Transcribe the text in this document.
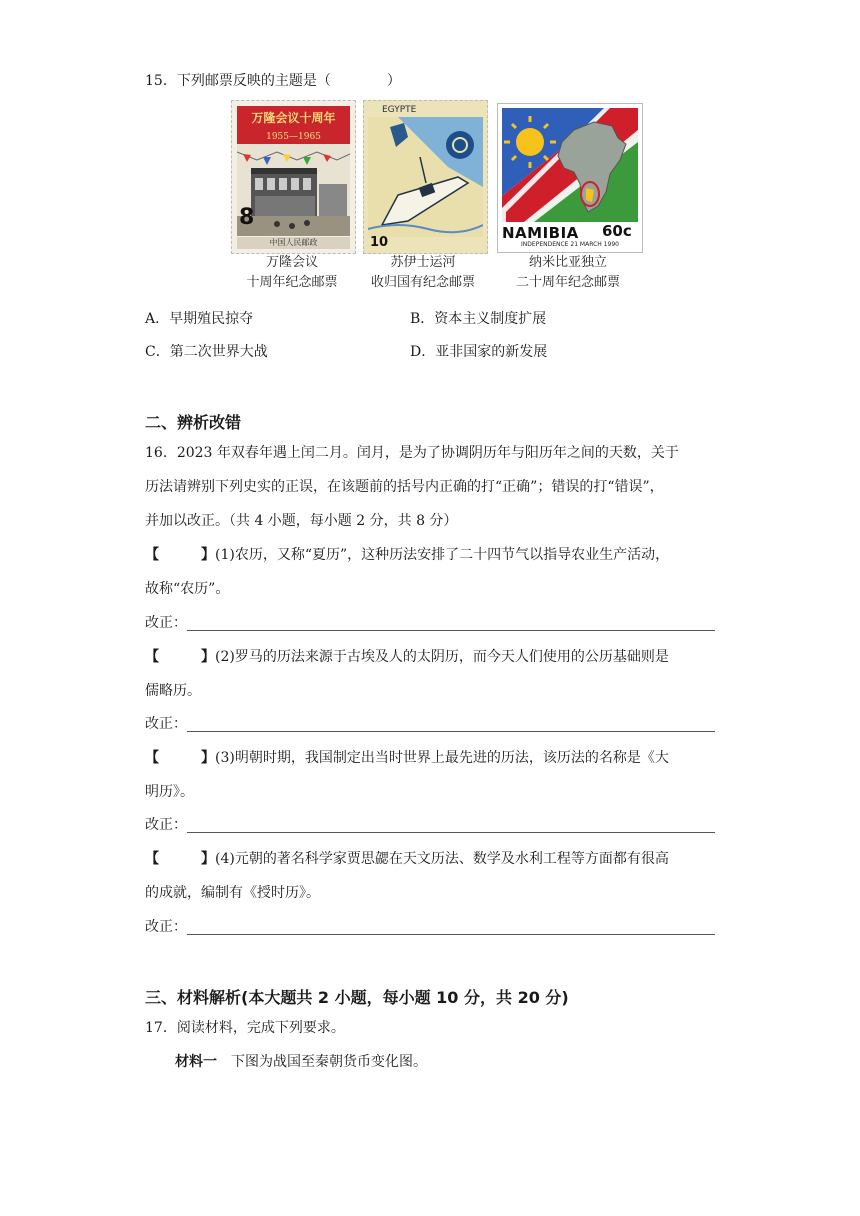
15．下列邮票反映的主题是（　　　　）
万隆会议十周年
1955—1965
8
中国人民邮政
EGYPTE
10
NAMIBIA 60c
INDEPENDENCE 21 MARCH 1990
万隆会议
十周年纪念邮票
苏伊士运河
收归国有纪念邮票
纳米比亚独立
二十周年纪念邮票
A．早期殖民掠夺	B．资本主义制度扩展
C．第二次世界大战	D．亚非国家的新发展
二、辨析改错
16．2023 年双春年遇上闰二月。闰月，是为了协调阴历年与阳历年之间的天数，关于
历法请辨别下列史实的正误，在该题前的括号内正确的打“正确”；错误的打“错误”，
并加以改正。（共 4 小题，每小题 2 分，共 8 分）
【	】(1)农历，又称“夏历”，这种历法安排了二十四节气以指导农业生产活动，
故称“农历”。
改正：
【	】(2)罗马的历法来源于古埃及人的太阴历，而今天人们使用的公历基础则是
儒略历。
改正：
【	】(3)明朝时期，我国制定出当时世界上最先进的历法，该历法的名称是《大
明历》。
改正：
【	】(4)元朝的著名科学家贾思勰在天文历法、数学及水利工程等方面都有很高
的成就，编制有《授时历》。
改正：
三、材料解析(本大题共 2 小题，每小题 10 分，共 20 分)
17．阅读材料，完成下列要求。
材料一 下图为战国至秦朝货币变化图。
